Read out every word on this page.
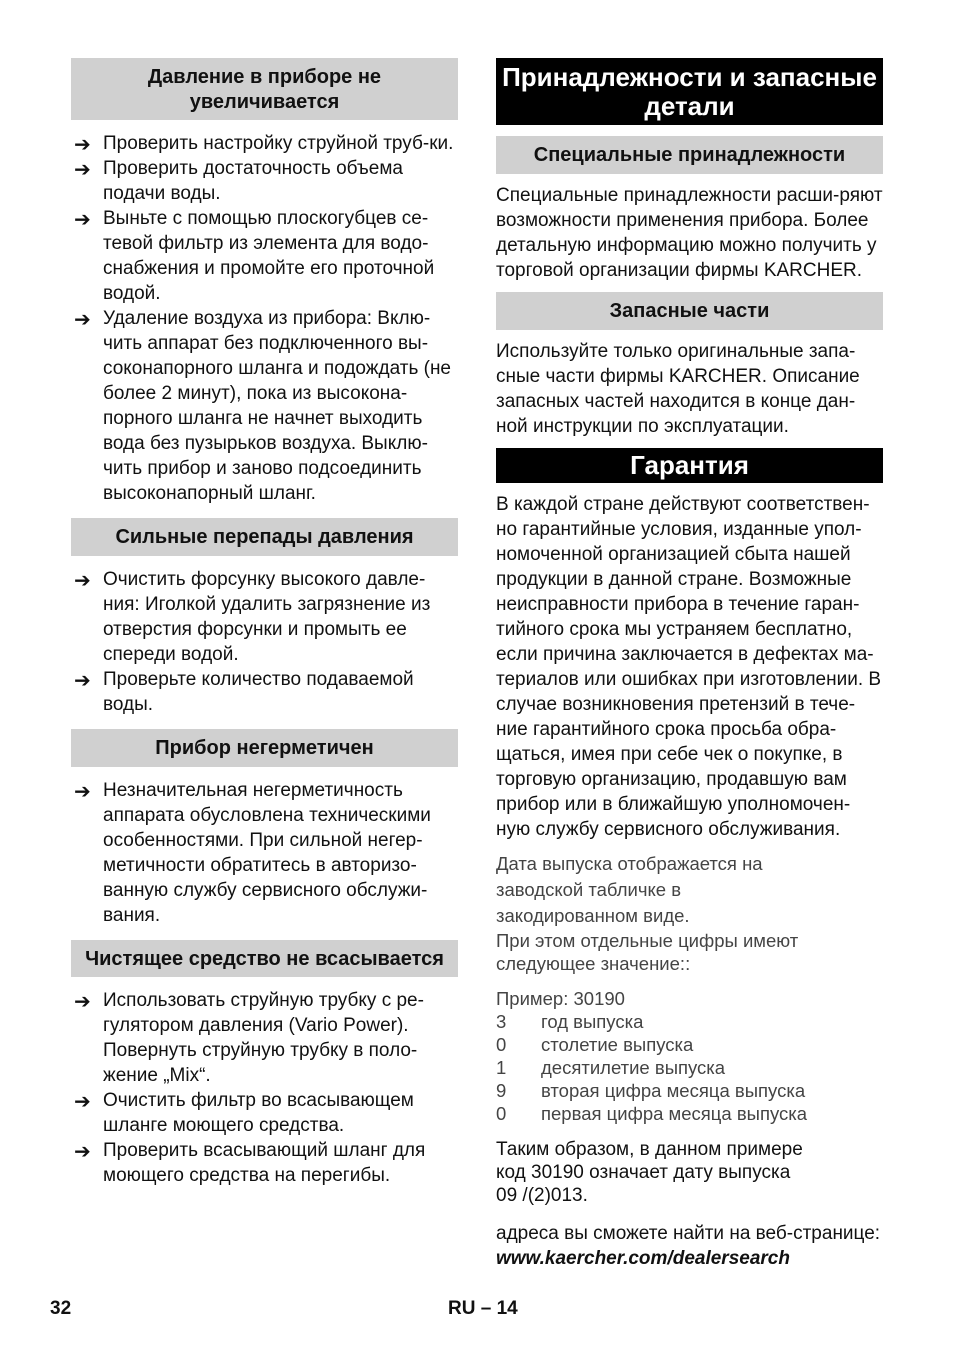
Давление в приборе не увеличивается
➔ Проверить настройку струйной труб-ки.
➔ Проверить достаточность объема подачи воды.
➔ Выньте с помощью плоскогубцев се-тевой фильтр из элемента для водо-снабжения и промойте его проточной водой.
➔ Удаление воздуха из прибора: Вклю-чить аппарат без подключенного вы-соконапорного шланга и подождать (не более 2 минут), пока из высокона-порного шланга не начнет выходить вода без пузырьков воздуха. Выклю-чить прибор и заново подсоединить высоконапорный шланг.
Сильные перепады давления
➔ Очистить форсунку высокого давле-ния: Иголкой удалить загрязнение из отверстия форсунки и промыть ее спереди водой.
➔ Проверьте количество подаваемой воды.
Прибор негерметичен
➔ Незначительная негерметичность аппарата обусловлена техническими особенностями. При сильной негер-метичности обратитесь в авторизо-ванную службу сервисного обслужи-вания.
Чистящее средство не всасывается
➔ Использовать струйную трубку с ре-гулятором давления (Vario Power). Повернуть струйную трубку в поло-жение „Mix“.
➔ Очистить фильтр во всасывающем шланге моющего средства.
➔ Проверить всасывающий шланг для моющего средства на перегибы.
Принадлежности и запасные детали
Специальные принадлежности
Специальные принадлежности расши-ряют возможности применения прибора. Более детальную информацию можно получить у торговой организации фирмы KARCHER.
Запасные части
Используйте только оригинальные запа-сные части фирмы KARCHER. Описание запасных частей находится в конце дан-ной инструкции по эксплуатации.
Гарантия
В каждой стране действуют соответствен-но гарантийные условия, изданные упол-номоченной организацией сбыта нашей продукции в данной стране. Возможные неисправности прибора в течение гаран-тийного срока мы устраняем бесплатно, если причина заключается в дефектах ма-териалов или ошибках при изготовлении. В случае возникновения претензий в тече-ние гарантийного срока просьба обра-щаться, имея при себе чек о покупке, в торговую организацию, продавшую вам прибор или в ближайшую уполномочен-ную службу сервисного обслуживания.

Дата выпуска отображается на

заводской табличке в

закодированном виде.

При этом отдельные цифры имеют

следующее значение::

Пример: 30190

3	год выпуска
0	столетие выпуска
1	десятилетие выпуска
9	вторая цифра месяца выпуска
0	первая цифра месяца выпуска
Таким образом, в данном примере
код 30190 означает дату выпуска
09 /(2)013.
адреса вы сможете найти на веб-странице:
www.kaercher.com/dealersearch
32	RU – 14
